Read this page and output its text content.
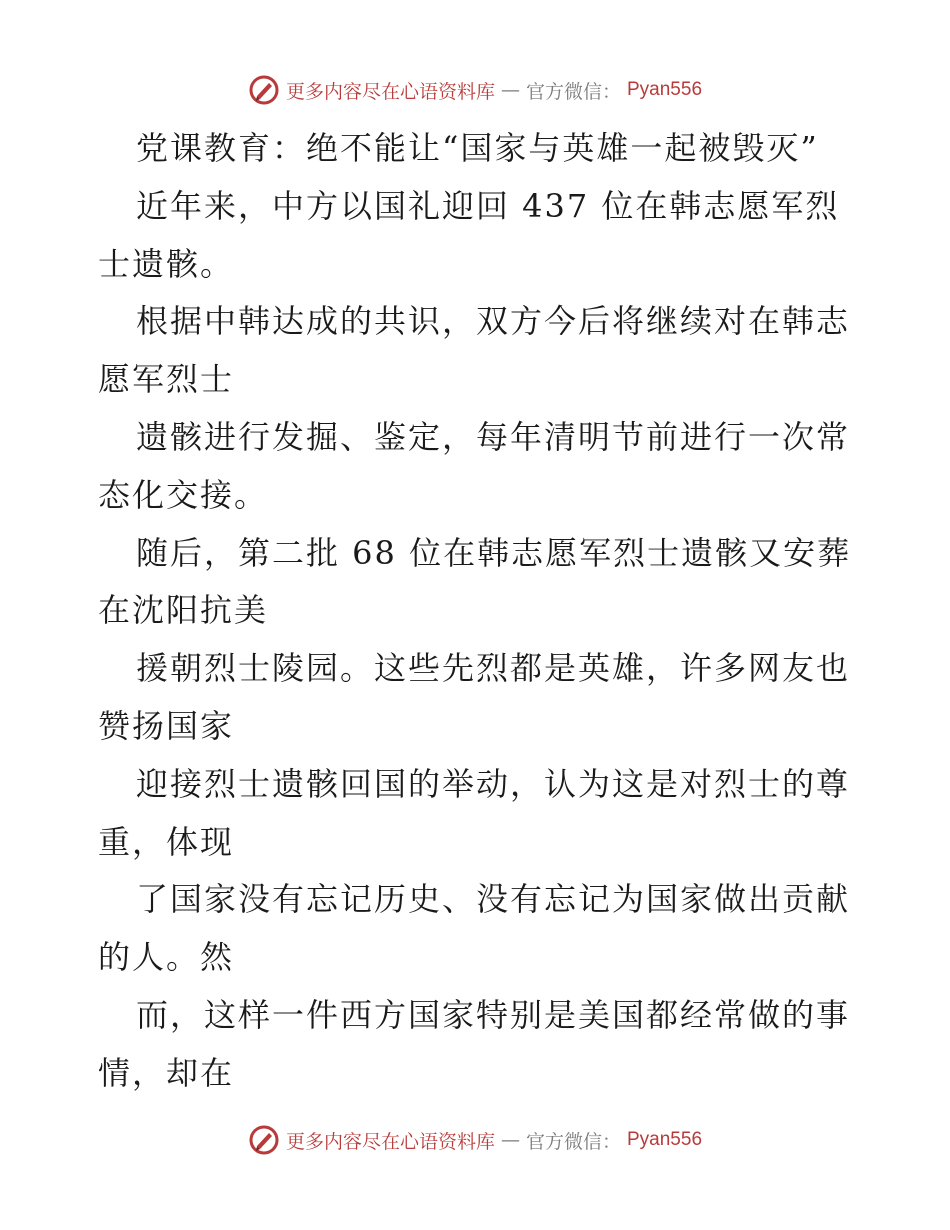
更多内容尽在心语资料库 — 官方微信： Pyan556
党课教育：绝不能让“国家与英雄一起被毁灭”
近年来，中方以国礼迎回 437 位在韩志愿军烈
士遗骸。
根据中韩达成的共识，双方今后将继续对在韩志
愿军烈士
遗骸进行发掘、鉴定，每年清明节前进行一次常
态化交接。
随后，第二批 68 位在韩志愿军烈士遗骸又安葬
在沈阳抗美
援朝烈士陵园。这些先烈都是英雄，许多网友也
赞扬国家
迎接烈士遗骸回国的举动，认为这是对烈士的尊
重，体现
了国家没有忘记历史、没有忘记为国家做出贡献
的人。然
而，这样一件西方国家特别是美国都经常做的事
情，却在
更多内容尽在心语资料库 — 官方微信： Pyan556
